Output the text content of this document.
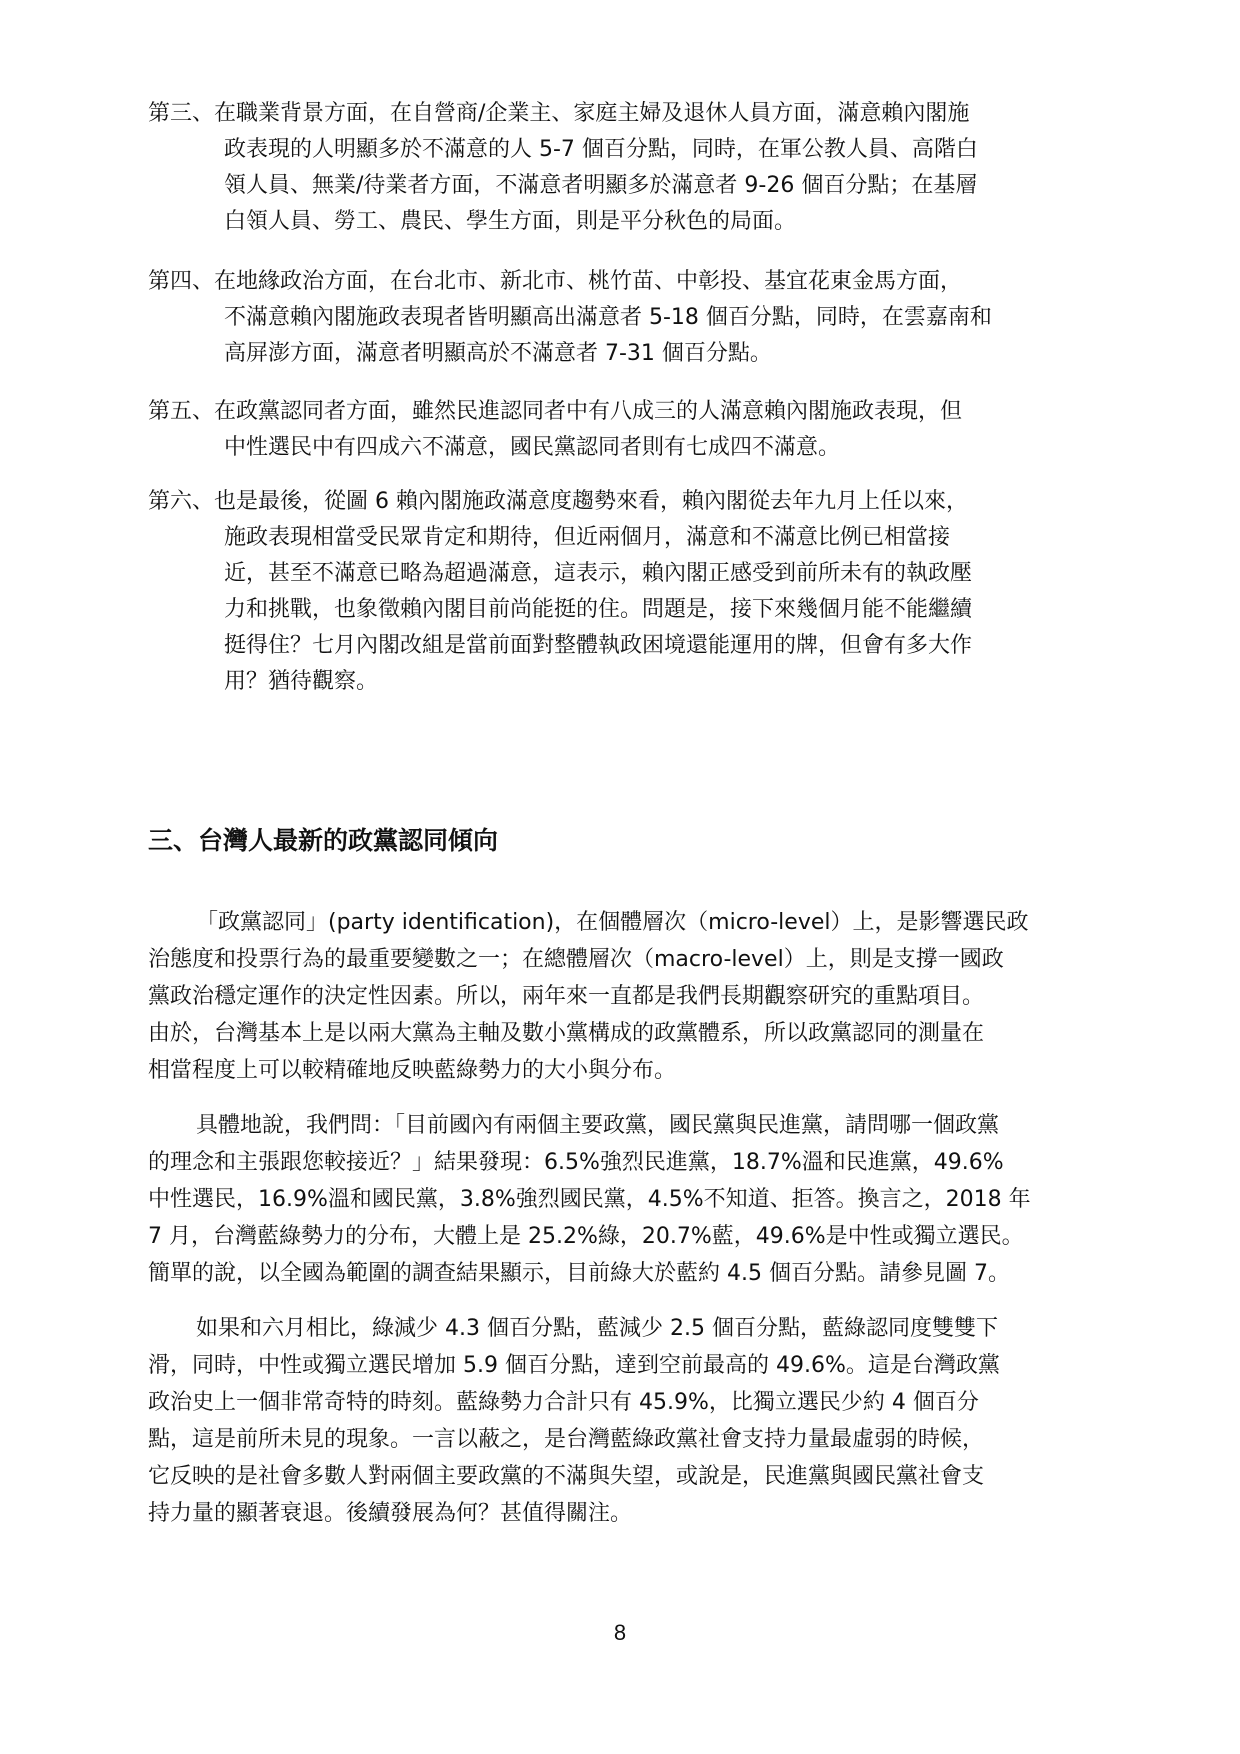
第三、在職業背景方面，在自營商/企業主、家庭主婦及退休人員方面，滿意賴內閣施
政表現的人明顯多於不滿意的人 5-7 個百分點，同時，在軍公教人員、高階白
領人員、無業/待業者方面，不滿意者明顯多於滿意者 9-26 個百分點；在基層
白領人員、勞工、農民、學生方面，則是平分秋色的局面。
第四、在地緣政治方面，在台北市、新北市、桃竹苗、中彰投、基宜花東金馬方面，
不滿意賴內閣施政表現者皆明顯高出滿意者 5-18 個百分點，同時，在雲嘉南和
高屏澎方面，滿意者明顯高於不滿意者 7-31 個百分點。
第五、在政黨認同者方面，雖然民進認同者中有八成三的人滿意賴內閣施政表現，但
中性選民中有四成六不滿意，國民黨認同者則有七成四不滿意。
第六、也是最後，從圖 6 賴內閣施政滿意度趨勢來看，賴內閣從去年九月上任以來，
施政表現相當受民眾肯定和期待，但近兩個月，滿意和不滿意比例已相當接
近，甚至不滿意已略為超過滿意，這表示，賴內閣正感受到前所未有的執政壓
力和挑戰，也象徵賴內閣目前尚能挺的住。問題是，接下來幾個月能不能繼續
挺得住？七月內閣改組是當前面對整體執政困境還能運用的牌，但會有多大作
用？猶待觀察。
三、台灣人最新的政黨認同傾向
「政黨認同」(party identification)，在個體層次（micro-level）上，是影響選民政
治態度和投票行為的最重要變數之一；在總體層次（macro-level）上，則是支撐一國政
黨政治穩定運作的決定性因素。所以，兩年來一直都是我們長期觀察研究的重點項目。
由於，台灣基本上是以兩大黨為主軸及數小黨構成的政黨體系，所以政黨認同的測量在
相當程度上可以較精確地反映藍綠勢力的大小與分布。
具體地說，我們問：「目前國內有兩個主要政黨，國民黨與民進黨，請問哪一個政黨
的理念和主張跟您較接近？」結果發現：6.5%強烈民進黨，18.7%溫和民進黨，49.6%
中性選民，16.9%溫和國民黨，3.8%強烈國民黨，4.5%不知道、拒答。換言之，2018 年
7 月，台灣藍綠勢力的分布，大體上是 25.2%綠，20.7%藍，49.6%是中性或獨立選民。
簡單的說，以全國為範圍的調查結果顯示，目前綠大於藍約 4.5 個百分點。請參見圖 7。
如果和六月相比，綠減少 4.3 個百分點，藍減少 2.5 個百分點，藍綠認同度雙雙下
滑，同時，中性或獨立選民增加 5.9 個百分點，達到空前最高的 49.6%。這是台灣政黨
政治史上一個非常奇特的時刻。藍綠勢力合計只有 45.9%，比獨立選民少約 4 個百分
點，這是前所未見的現象。一言以蔽之，是台灣藍綠政黨社會支持力量最虛弱的時候，
它反映的是社會多數人對兩個主要政黨的不滿與失望，或說是，民進黨與國民黨社會支
持力量的顯著衰退。後續發展為何？甚值得關注。
8
